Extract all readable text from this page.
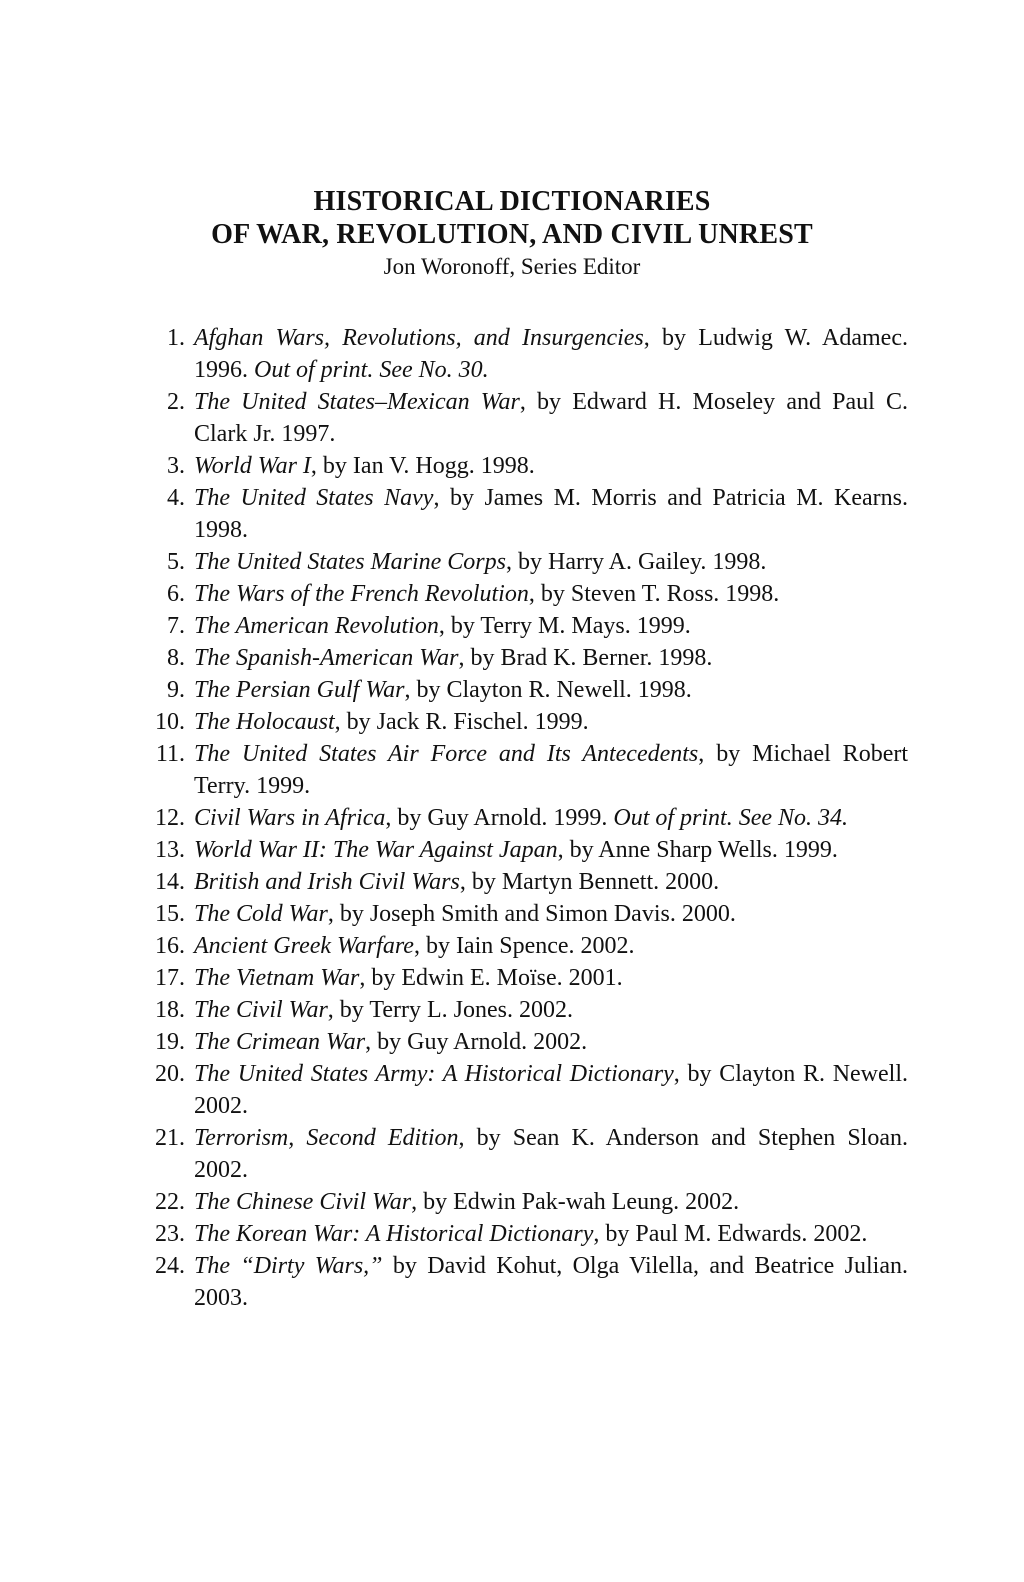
HISTORICAL DICTIONARIES
OF WAR, REVOLUTION, AND CIVIL UNREST
Jon Woronoff, Series Editor
1. Afghan Wars, Revolutions, and Insurgencies, by Ludwig W. Adamec. 1996. Out of print. See No. 30.
2. The United States–Mexican War, by Edward H. Moseley and Paul C. Clark Jr. 1997.
3. World War I, by Ian V. Hogg. 1998.
4. The United States Navy, by James M. Morris and Patricia M. Kearns. 1998.
5. The United States Marine Corps, by Harry A. Gailey. 1998.
6. The Wars of the French Revolution, by Steven T. Ross. 1998.
7. The American Revolution, by Terry M. Mays. 1999.
8. The Spanish-American War, by Brad K. Berner. 1998.
9. The Persian Gulf War, by Clayton R. Newell. 1998.
10. The Holocaust, by Jack R. Fischel. 1999.
11. The United States Air Force and Its Antecedents, by Michael Robert Terry. 1999.
12. Civil Wars in Africa, by Guy Arnold. 1999. Out of print. See No. 34.
13. World War II: The War Against Japan, by Anne Sharp Wells. 1999.
14. British and Irish Civil Wars, by Martyn Bennett. 2000.
15. The Cold War, by Joseph Smith and Simon Davis. 2000.
16. Ancient Greek Warfare, by Iain Spence. 2002.
17. The Vietnam War, by Edwin E. Moïse. 2001.
18. The Civil War, by Terry L. Jones. 2002.
19. The Crimean War, by Guy Arnold. 2002.
20. The United States Army: A Historical Dictionary, by Clayton R. Newell. 2002.
21. Terrorism, Second Edition, by Sean K. Anderson and Stephen Sloan. 2002.
22. The Chinese Civil War, by Edwin Pak-wah Leung. 2002.
23. The Korean War: A Historical Dictionary, by Paul M. Edwards. 2002.
24. The “Dirty Wars,” by David Kohut, Olga Vilella, and Beatrice Julian. 2003.
